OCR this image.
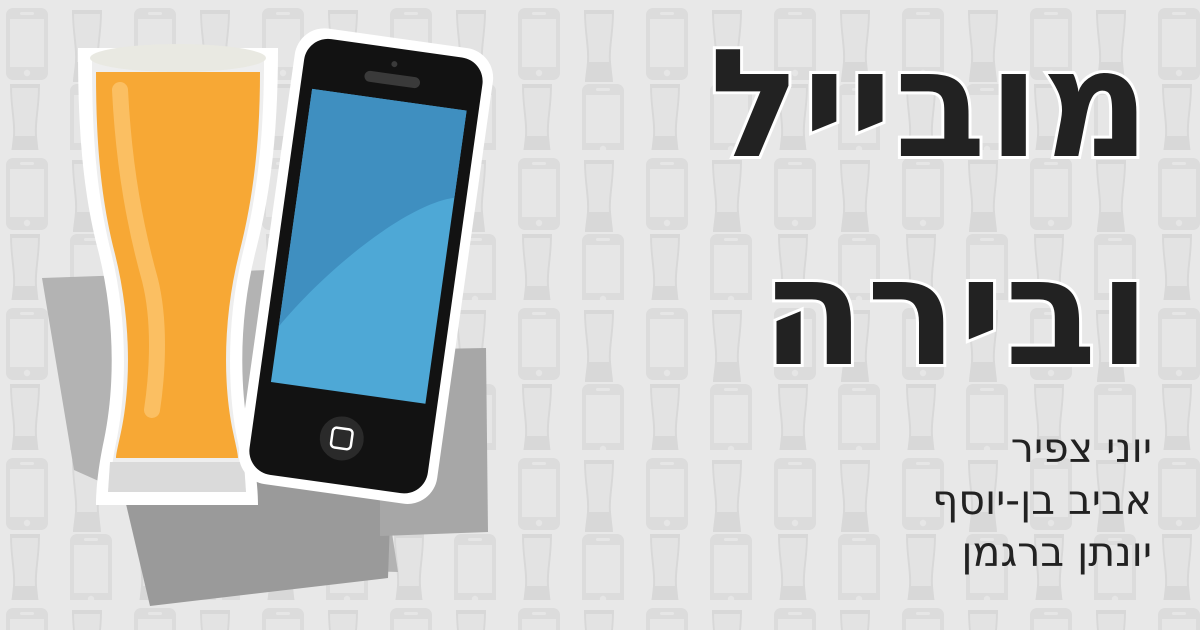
מובייל
ובירה

יוני צפיר

אביב בן-יוסף

יונתן ברגמן
